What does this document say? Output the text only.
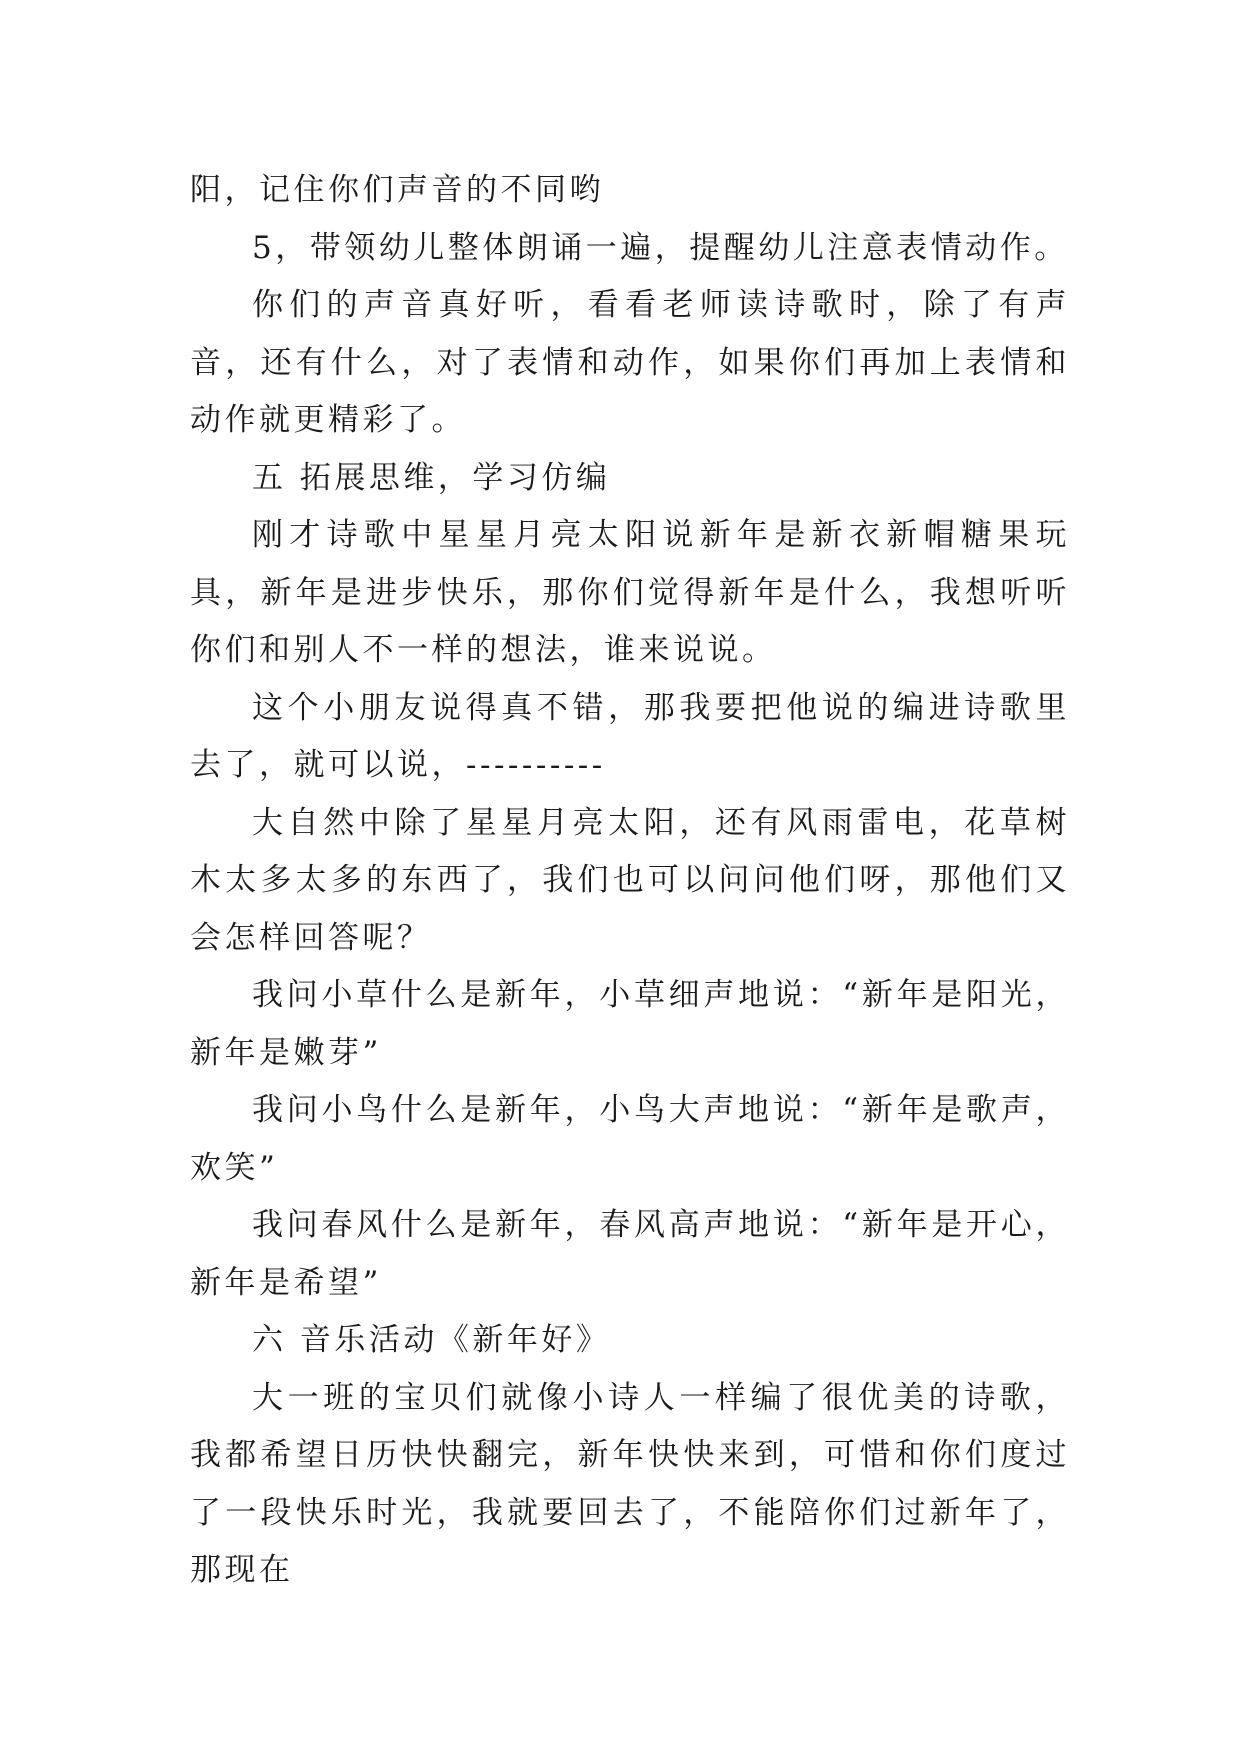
阳，记住你们声音的不同哟

5，带领幼儿整体朗诵一遍，提醒幼儿注意表情动作。

你们的声音真好听，看看老师读诗歌时，除了有声音，还有什么，对了表情和动作，如果你们再加上表情和动作就更精彩了。

五 拓展思维，学习仿编

刚才诗歌中星星月亮太阳说新年是新衣新帽糖果玩具，新年是进步快乐，那你们觉得新年是什么，我想听听你们和别人不一样的想法，谁来说说。

这个小朋友说得真不错，那我要把他说的编进诗歌里去了，就可以说，----------

大自然中除了星星月亮太阳，还有风雨雷电，花草树木太多太多的东西了，我们也可以问问他们呀，那他们又会怎样回答呢？

我问小草什么是新年，小草细声地说：“新年是阳光，新年是嫩芽”

我问小鸟什么是新年，小鸟大声地说：“新年是歌声，欢笑”

我问春风什么是新年，春风高声地说：“新年是开心，新年是希望”

六 音乐活动《新年好》

大一班的宝贝们就像小诗人一样编了很优美的诗歌，我都希望日历快快翻完，新年快快来到，可惜和你们度过了一段快乐时光，我就要回去了，不能陪你们过新年了，那现在
